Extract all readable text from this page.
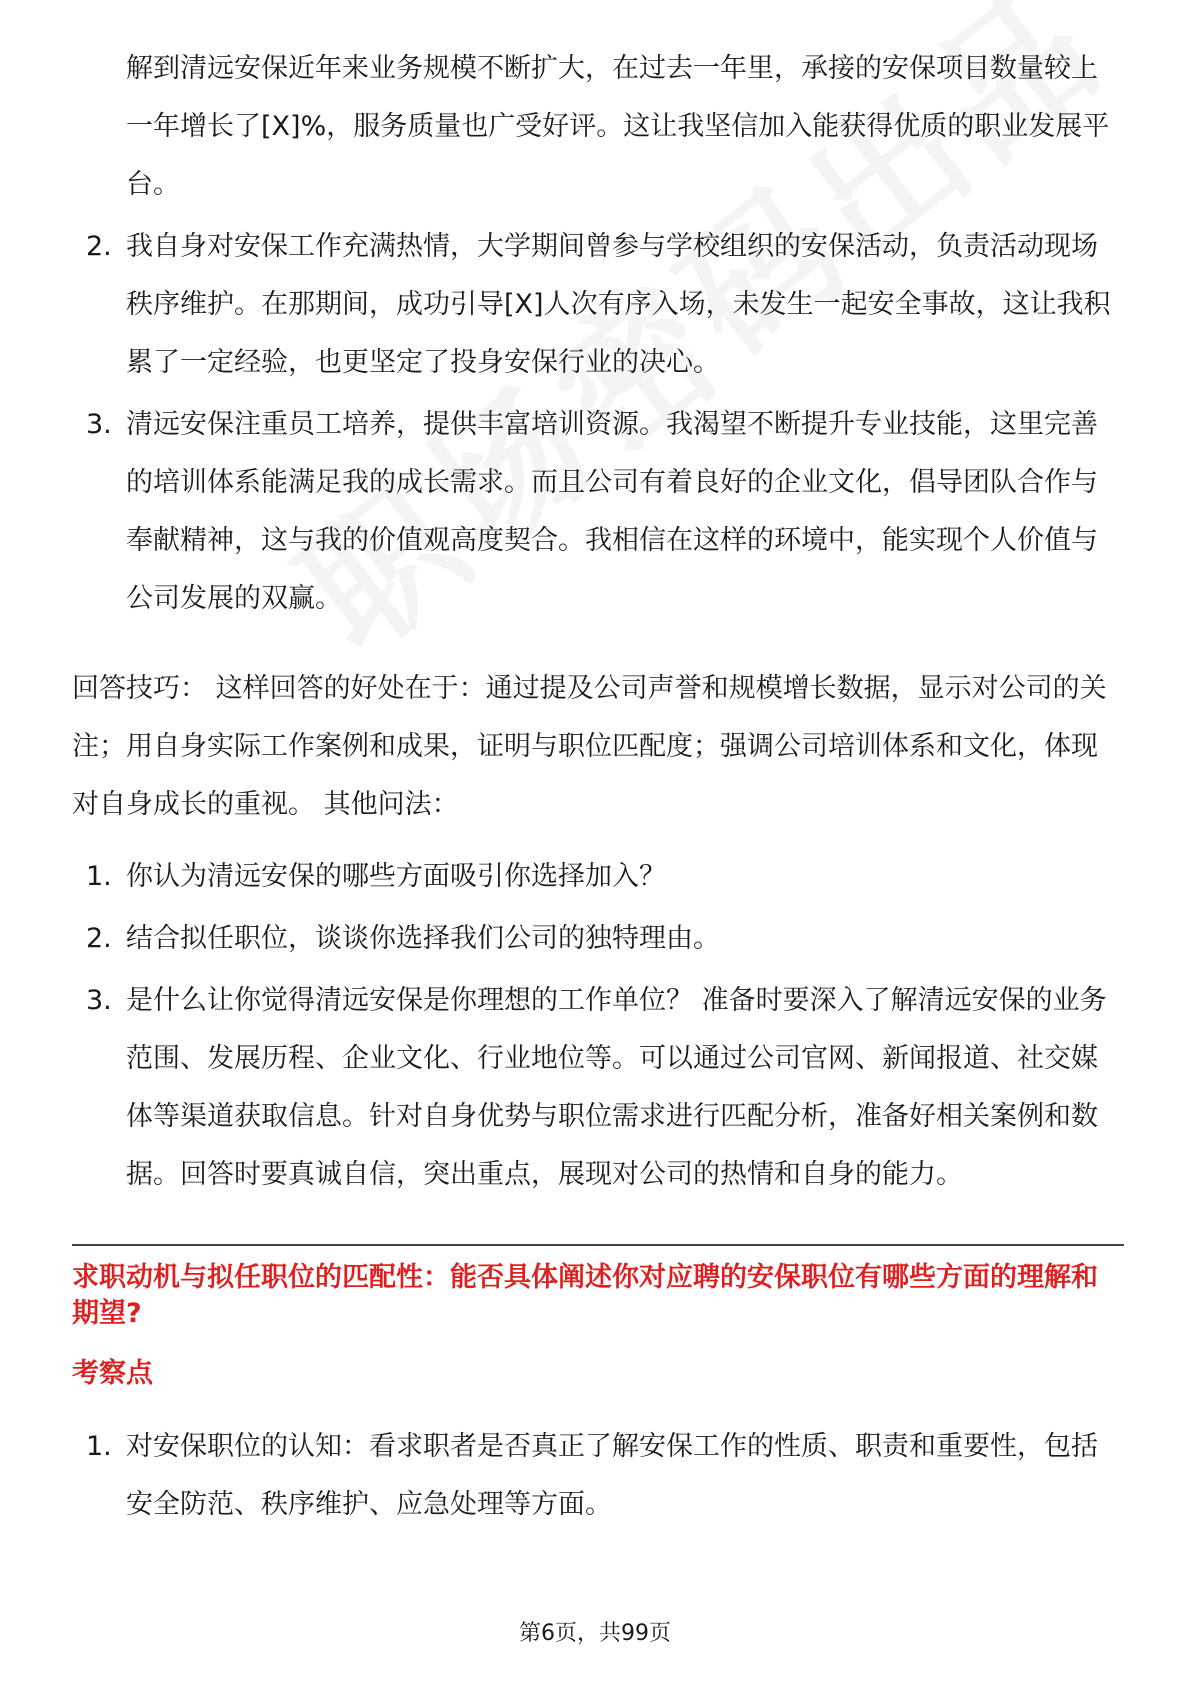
解到清远安保近年来业务规模不断扩大，在过去一年里，承接的安保项目数量较上一年增长了[X]%，服务质量也广受好评。这让我坚信加入能获得优质的职业发展平台。
2. 我自身对安保工作充满热情，大学期间曾参与学校组织的安保活动，负责活动现场秩序维护。在那期间，成功引导[X]人次有序入场，未发生一起安全事故，这让我积累了一定经验，也更坚定了投身安保行业的决心。
3. 清远安保注重员工培养，提供丰富培训资源。我渴望不断提升专业技能，这里完善的培训体系能满足我的成长需求。而且公司有着良好的企业文化，倡导团队合作与奉献精神，这与我的价值观高度契合。我相信在这样的环境中，能实现个人价值与公司发展的双赢。

回答技巧： 这样回答的好处在于：通过提及公司声誉和规模增长数据，显示对公司的关注；用自身实际工作案例和成果，证明与职位匹配度；强调公司培训体系和文化，体现对自身成长的重视。 其他问法：

1. 你认为清远安保的哪些方面吸引你选择加入？
2. 结合拟任职位，谈谈你选择我们公司的独特理由。
3. 是什么让你觉得清远安保是你理想的工作单位？ 准备时要深入了解清远安保的业务范围、发展历程、企业文化、行业地位等。可以通过公司官网、新闻报道、社交媒体等渠道获取信息。针对自身优势与职位需求进行匹配分析，准备好相关案例和数据。回答时要真诚自信，突出重点，展现对公司的热情和自身的能力。
求职动机与拟任职位的匹配性：能否具体阐述你对应聘的安保职位有哪些方面的理解和期望?
考察点
1. 对安保职位的认知：看求职者是否真正了解安保工作的性质、职责和重要性，包括安全防范、秩序维护、应急处理等方面。
第6页，共99页
